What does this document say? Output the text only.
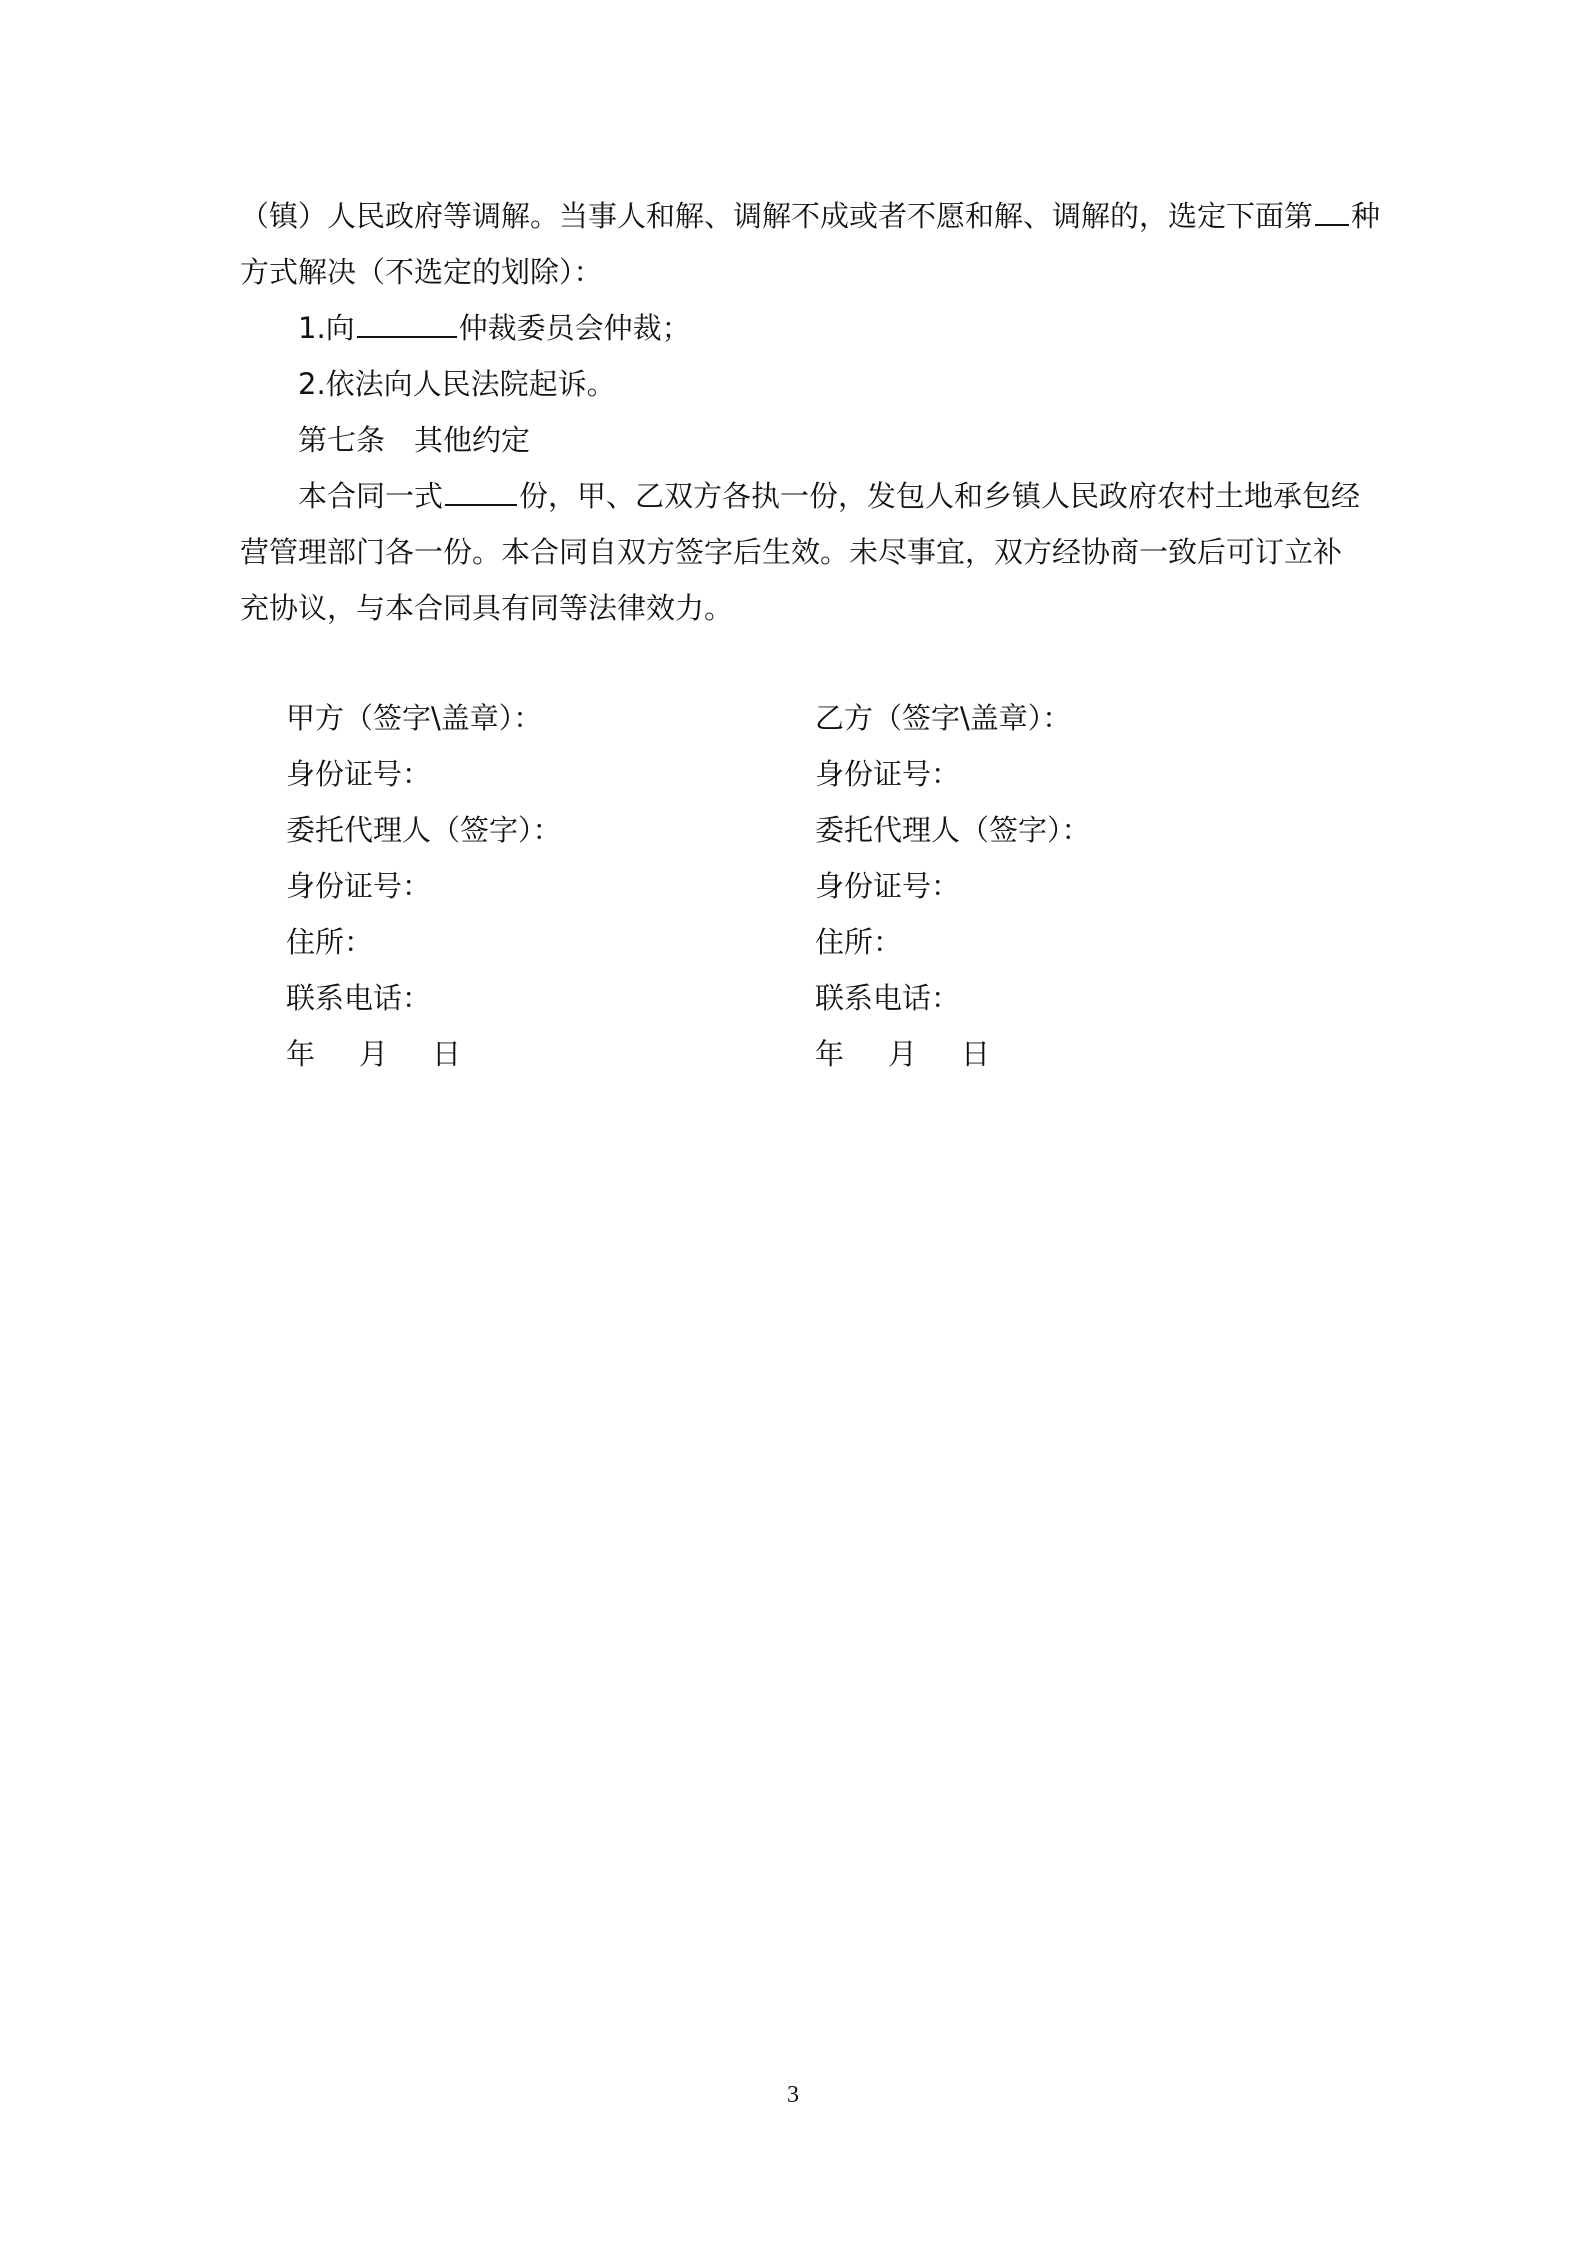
（镇）人民政府等调解。当事人和解、调解不成或者不愿和解、调解的，选定下面第 种

方式解决（不选定的划除）：

1.向	仲裁委员会仲裁；

2.依法向人民法院起诉。

第七条　其他约定

本合同一式	份，甲、乙双方各执一份，发包人和乡镇人民政府农村土地承包经

营管理部门各一份。本合同自双方签字后生效。未尽事宜，双方经协商一致后可订立补

充协议，与本合同具有同等法律效力。

甲方（签字\盖章）：

身份证号：

委托代理人（签字）：

身份证号：

住所：

联系电话：

年 月 日

乙方（签字\盖章）：

身份证号：

委托代理人（签字）：

身份证号：

住所：

联系电话：

年 月 日

3
